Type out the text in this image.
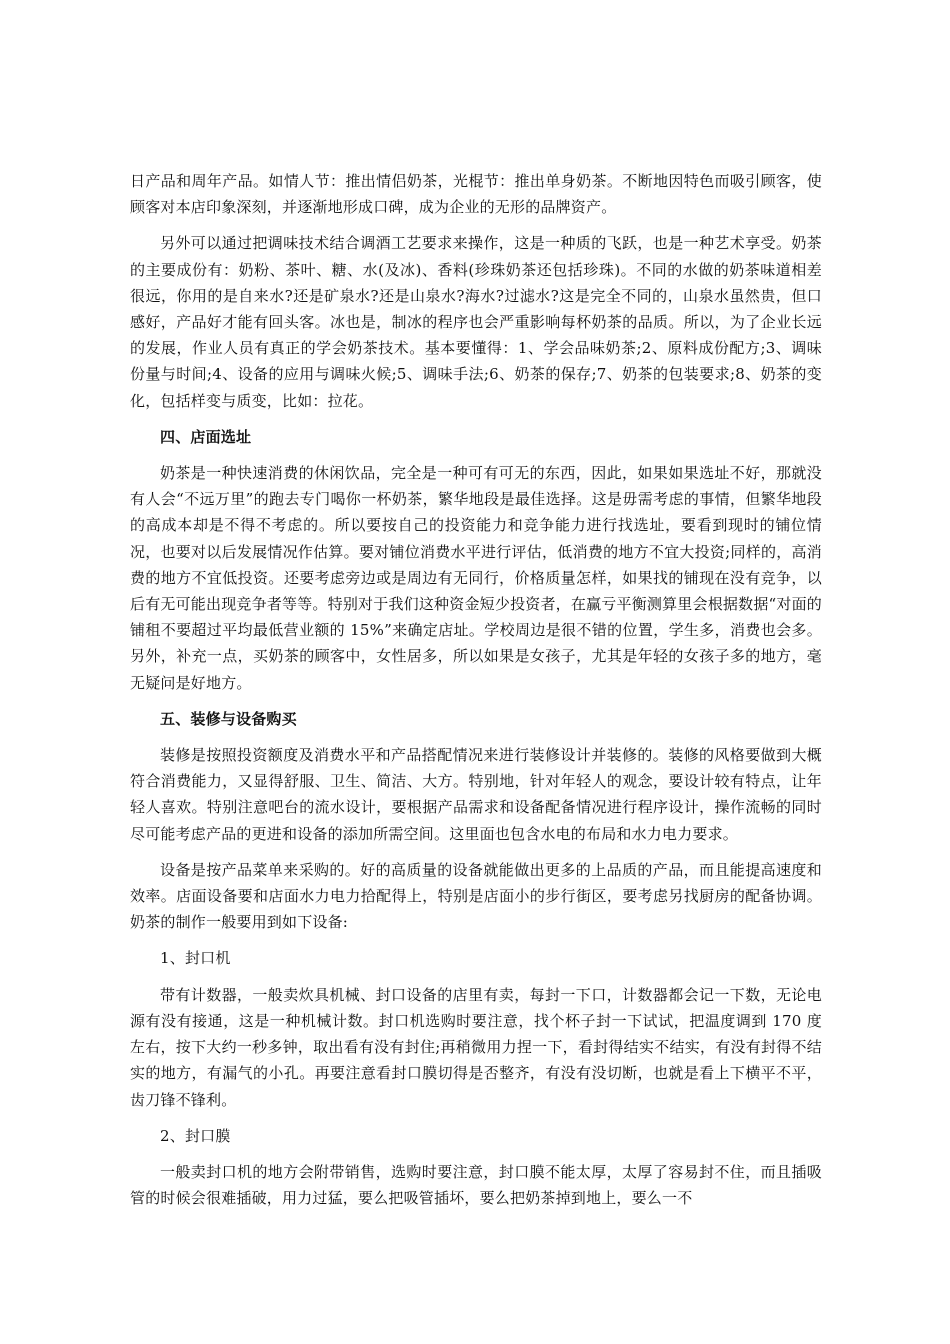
日产品和周年产品。如情人节：推出情侣奶茶，光棍节：推出单身奶茶。不断地因特色而吸引顾客，使顾客对本店印象深刻，并逐渐地形成口碑，成为企业的无形的品牌资产。

另外可以通过把调味技术结合调酒工艺要求来操作，这是一种质的飞跃，也是一种艺术享受。奶茶的主要成份有：奶粉、茶叶、糖、水(及冰)、香料(珍珠奶茶还包括珍珠)。不同的水做的奶茶味道相差很远，你用的是自来水?还是矿泉水?还是山泉水?海水?过滤水?这是完全不同的，山泉水虽然贵，但口感好，产品好才能有回头客。冰也是，制冰的程序也会严重影响每杯奶茶的品质。所以，为了企业长远的发展，作业人员有真正的学会奶茶技术。基本要懂得：1、学会品味奶茶;2、原料成份配方;3、调味份量与时间;4、设备的应用与调味火候;5、调味手法;6、奶茶的保存;7、奶茶的包装要求;8、奶茶的变化，包括样变与质变，比如：拉花。

四、店面选址

奶茶是一种快速消费的休闲饮品，完全是一种可有可无的东西，因此，如果如果选址不好，那就没有人会“不远万里”的跑去专门喝你一杯奶茶，繁华地段是最佳选择。这是毋需考虑的事情，但繁华地段的高成本却是不得不考虑的。所以要按自己的投资能力和竞争能力进行找选址，要看到现时的铺位情况，也要对以后发展情况作估算。要对铺位消费水平进行评估，低消费的地方不宜大投资;同样的，高消费的地方不宜低投资。还要考虑旁边或是周边有无同行，价格质量怎样，如果找的铺现在没有竞争，以后有无可能出现竞争者等等。特别对于我们这种资金短少投资者，在赢亏平衡测算里会根据数据“对面的铺租不要超过平均最低营业额的 15%”来确定店址。学校周边是很不错的位置，学生多，消费也会多。另外，补充一点，买奶茶的顾客中，女性居多，所以如果是女孩子，尤其是年轻的女孩子多的地方，毫无疑问是好地方。

五、装修与设备购买

装修是按照投资额度及消费水平和产品搭配情况来进行装修设计并装修的。装修的风格要做到大概符合消费能力，又显得舒服、卫生、简洁、大方。特别地，针对年轻人的观念，要设计较有特点，让年轻人喜欢。特别注意吧台的流水设计，要根据产品需求和设备配备情况进行程序设计，操作流畅的同时尽可能考虑产品的更进和设备的添加所需空间。这里面也包含水电的布局和水力电力要求。

设备是按产品菜单来采购的。好的高质量的设备就能做出更多的上品质的产品，而且能提高速度和效率。店面设备要和店面水力电力拾配得上，特别是店面小的步行街区，要考虑另找厨房的配备协调。 奶茶的制作一般要用到如下设备:

1、封口机

带有计数器，一般卖炊具机械、封口设备的店里有卖，每封一下口，计数器都会记一下数，无论电源有没有接通，这是一种机械计数。封口机选购时要注意，找个杯子封一下试试，把温度调到 170 度左右，按下大约一秒多钟，取出看有没有封住;再稍微用力捏一下，看封得结实不结实，有没有封得不结实的地方，有漏气的小孔。再要注意看封口膜切得是否整齐，有没有没切断，也就是看上下横平不平，齿刀锋不锋利。

2、封口膜

一般卖封口机的地方会附带销售，选购时要注意，封口膜不能太厚，太厚了容易封不住，而且插吸管的时候会很难插破，用力过猛，要么把吸管插坏，要么把奶茶掉到地上，要么一不
